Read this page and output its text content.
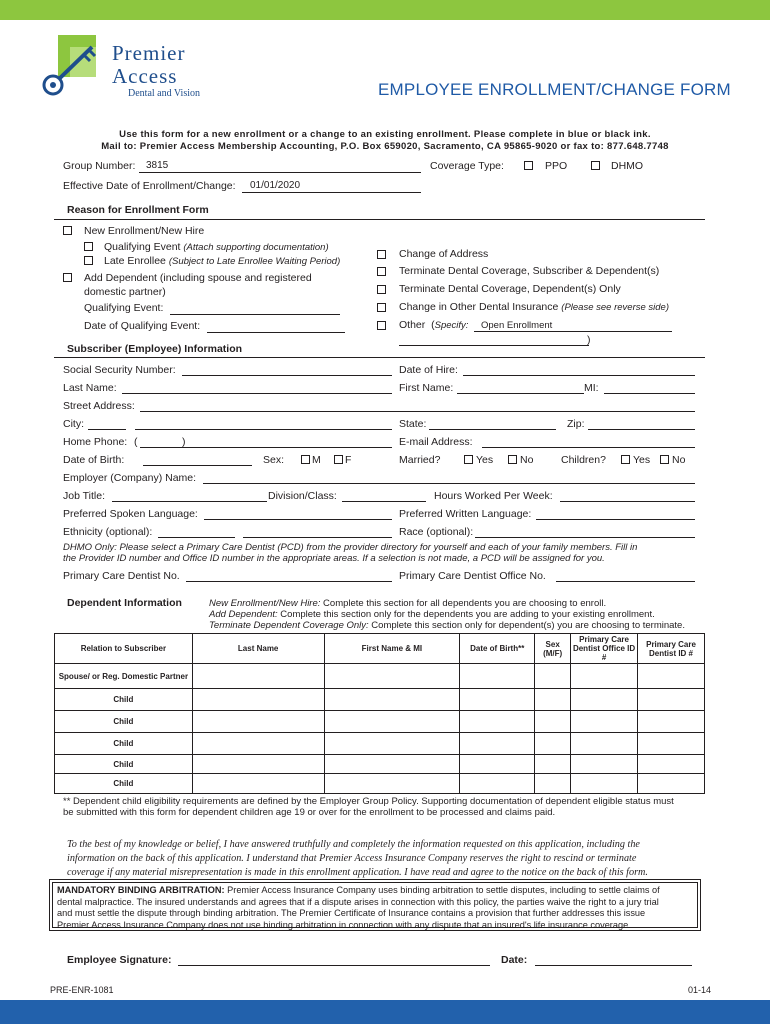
Premier
Access
Dental and Vision	EMPLOYEE ENROLLMENT/CHANGE FORM
Use this form for a new enrollment or a change to an existing enrollment. Please complete in blue or black ink.
Mail to: Premier Access Membership Accounting, P.O. Box 659020, Sacramento, CA 95865-9020 or fax to: 877.648.7748
Group Number: 3815	Coverage Type:	PPO	DHMO
Effective Date of Enrollment/Change: 01/01/2020
Reason for Enrollment Form
New Enrollment/New Hire
Qualifying Event (Attach supporting documentation)
Late Enrollee (Subject to Late Enrollee Waiting Period)
Add Dependent (including spouse and registered
domestic partner)
Qualifying Event:
Date of Qualifying Event:
Change of Address
Terminate Dental Coverage, Subscriber & Dependent(s)
Terminate Dental Coverage, Dependent(s) Only
Change in Other Dental Insurance (Please see reverse side)
Other (Specify: Open Enrollment
)
Subscriber (Employee) Information
Social Security Number:	Date of Hire:
Last Name:	First Name:	MI:
Street Address:
City:	State:	Zip:
Home Phone: (	)	E-mail Address:
Date of Birth:	Sex:	M F	Married?	Yes	No	Children?	Yes No
Employer (Company) Name:
Job Title:	Division/Class:	Hours Worked Per Week:
Preferred Spoken Language:	Preferred Written Language:
Ethnicity (optional):	Race (optional):
DHMO Only: Please select a Primary Care Dentist (PCD) from the provider directory for yourself and each of your family members. Fill in
the Provider ID number and Office ID number in the appropriate areas. If a selection is not made, a PCD will be assigned for you.
Primary Care Dentist No.	Primary Care Dentist Office No.
Dependent Information	New Enrollment/New Hire: Complete this section for all dependents you are choosing to enroll.
Add Dependent: Complete this section only for the dependents you are adding to your existing enrollment.
Terminate Dependent Coverage Only: Complete this section only for dependent(s) you are choosing to terminate.
Relation to Subscriber	Last Name	First Name & MI	Date of Birth**	Sex (M/F)	Primary Care Dentist Office ID #	Primary Care Dentist ID #
Spouse/ or Reg. Domestic Partner						
Child						
Child						
Child						
Child						
Child						
** Dependent child eligibility requirements are defined by the Employer Group Policy. Supporting documentation of dependent eligible status must
be submitted with this form for dependent children age 19 or over for the enrollment to be processed and claims paid.
To the best of my knowledge or belief, I have answered truthfully and completely the information requested on this application, including the
information on the back of this application. I understand that Premier Access Insurance Company reserves the right to rescind or terminate
coverage if any material misrepresentation is made in this enrollment application. I have read and agree to the notice on the back of this form.
MANDATORY BINDING ARBITRATION: Premier Access Insurance Company uses binding arbitration to settle disputes, including to settle claims of
dental malpractice. The insured understands and agrees that if a dispute arises in connection with this policy, the parties waive the right to a jury trial
and must settle the dispute through binding arbitration. The Premier Certificate of Insurance contains a provision that further addresses this issue
Premier Access Insurance Company does not use binding arbitration in connection with any dispute that an insured's life insurance coverage.
Employee Signature:	Date:
PRE-ENR-1081	01-14
